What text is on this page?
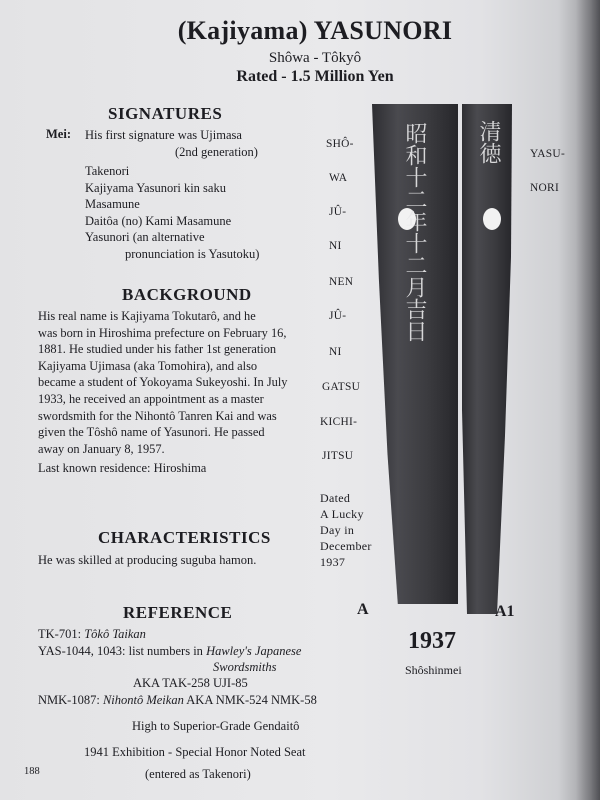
(Kajiyama) YASUNORI
Shôwa - Tôkyô
Rated - 1.5 Million Yen
SIGNATURES
Mei: His first signature was Ujimasa
(2nd generation)
Takenori
Kajiyama Yasunori kin saku
Masamune
Daitôa (no) Kami Masamune
Yasunori (an alternative
pronunciation is Yasutoku)
BACKGROUND
His real name is Kajiyama Tokutarô, and he
was born in Hiroshima prefecture on February 16,
1881. He studied under his father 1st generation
Kajiyama Ujimasa (aka Tomohira), and also
became a student of Yokoyama Sukeyoshi. In July
1933, he received an appointment as a master
swordsmith for the Nihontô Tanren Kai and was
given the Tôshô name of Yasunori. He passed
away on January 8, 1957.
Last known residence: Hiroshima
CHARACTERISTICS
He was skilled at producing suguba hamon.
REFERENCE
TK-701: Tôkô Taikan
YAS-1044, 1043: list numbers in Hawley's Japanese
Swordsmiths
AKA TAK-258 UJI-85
NMK-1087: Nihontô Meikan AKA NMK-524 NMK-58
High to Superior-Grade Gendaitô
1941 Exhibition - Special Honor Noted Seat
(entered as Takenori)
188
昭和十二年十二月吉日 清徳
SHÔ-
WA
JÛ-
NI
NEN
JÛ-
NI
GATSU
KICHI-
JITSU
YASU-
NORI
Dated
A Lucky
Day in
December
1937
A	A1
1937
Shôshinmei
